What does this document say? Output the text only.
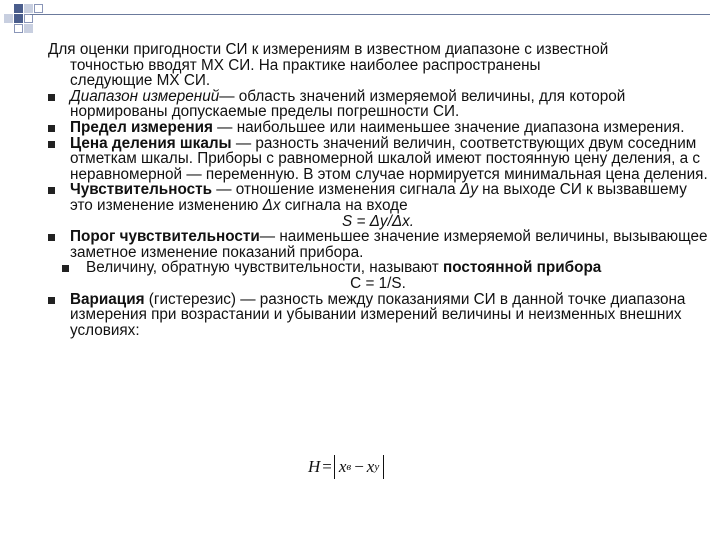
Для оценки пригодности СИ к измерениям в известном диапазоне с известной
точностью вводят МХ СИ. На практике наиболее распространены
следующие МХ СИ.
Диапазон измерений— область значений измеряемой величины, для которой нормированы допускаемые пределы погрешности СИ.
Предел измерения — наибольшее или наименьшее значение диапазона измерения.
Цена деления шкалы — разность значений величин, соответствующих двум соседним отметкам шкалы. Приборы с равномерной шкалой имеют постоянную цену деления, а с неравномерной — переменную. В этом случае нормируется минимальная цена деления.
Чувствительность — отношение изменения сигнала Δy на выходе СИ к вызвавшему это изменение изменению Δx сигнала на входе
S = Δy/Δx.
Порог чувствительности— наименьшее значение измеряемой величины, вызывающее заметное изменение показаний прибора.
Величину, обратную чувствительности, называют постоянной прибора
С = 1/S.
Вариация (гистерезис) — разность между показаниями СИ в данной точке диапазона измерения при возрастании и убывании измерений величины и неизменных внешних условиях:
H = x в − x у
